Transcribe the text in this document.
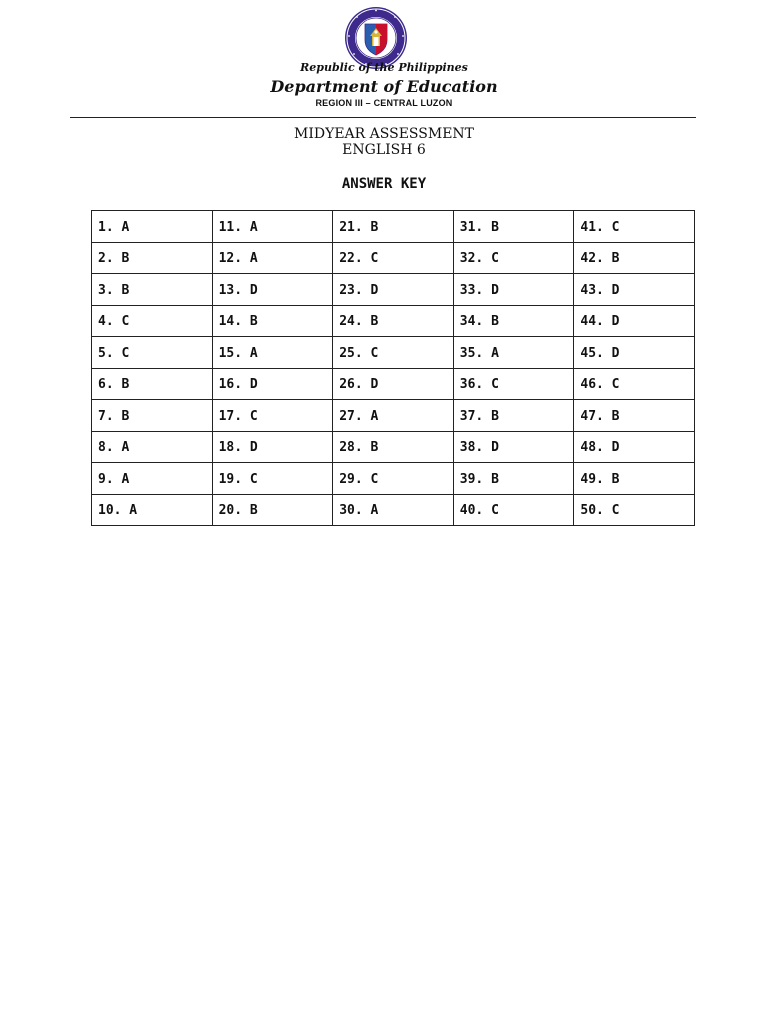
Republic of the Philippines
Department of Education
REGION III – CENTRAL LUZON
MIDYEAR ASSESSMENT
ENGLISH 6
ANSWER KEY
1. A	11. A	21. B	31. B	41. C
2. B	12. A	22. C	32. C	42. B
3. B	13. D	23. D	33. D	43. D
4. C	14. B	24. B	34. B	44. D
5. C	15. A	25. C	35. A	45. D
6. B	16. D	26. D	36. C	46. C
7. B	17. C	27. A	37. B	47. B
8. A	18. D	28. B	38. D	48. D
9. A	19. C	29. C	39. B	49. B
10. A	20. B	30. A	40. C	50. C
